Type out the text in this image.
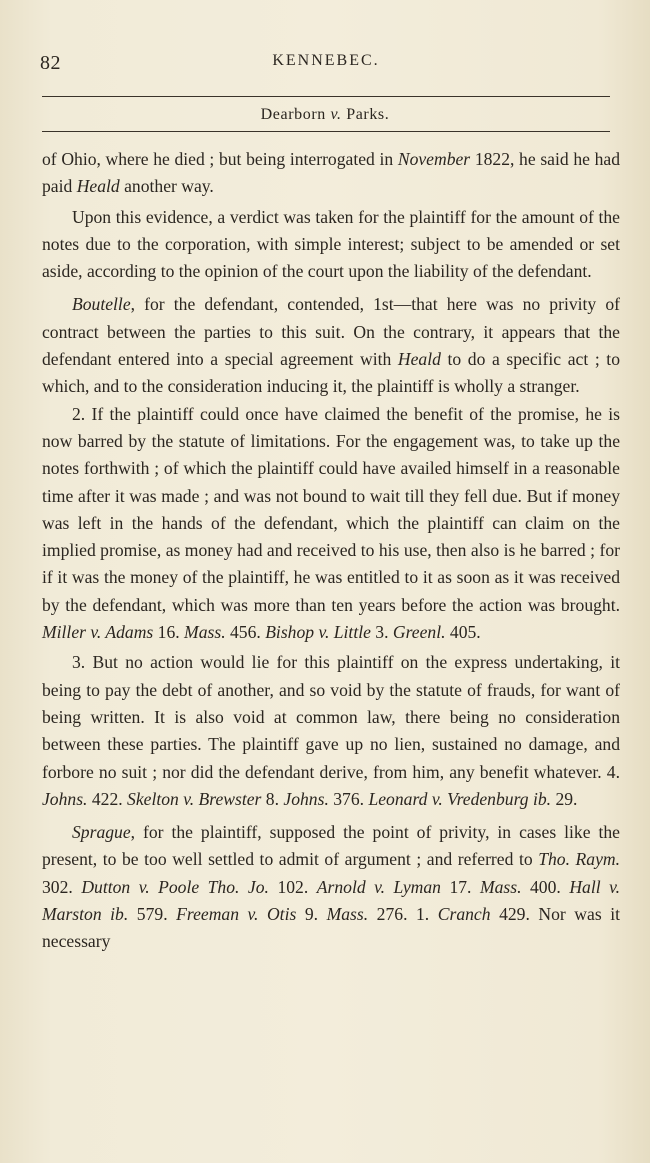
82	KENNEBEC.
Dearborn v. Parks.

of Ohio, where he died ; but being interrogated in November 1822, he said he had paid Heald another way.

Upon this evidence, a verdict was taken for the plaintiff for the amount of the notes due to the corporation, with simple interest; subject to be amended or set aside, according to the opinion of the court upon the liability of the defendant.

Boutelle, for the defendant, contended, 1st—that here was no privity of contract between the parties to this suit. On the contrary, it appears that the defendant entered into a special agreement with Heald to do a specific act ; to which, and to the consideration inducing it, the plaintiff is wholly a stranger.

2. If the plaintiff could once have claimed the benefit of the promise, he is now barred by the statute of limitations. For the engagement was, to take up the notes forthwith ; of which the plaintiff could have availed himself in a reasonable time after it was made ; and was not bound to wait till they fell due. But if money was left in the hands of the defendant, which the plaintiff can claim on the implied promise, as money had and received to his use, then also is he barred ; for if it was the money of the plaintiff, he was entitled to it as soon as it was received by the defendant, which was more than ten years before the action was brought. Miller v. Adams 16. Mass. 456. Bishop v. Little 3. Greenl. 405.

3. But no action would lie for this plaintiff on the express undertaking, it being to pay the debt of another, and so void by the statute of frauds, for want of being written. It is also void at common law, there being no consideration between these parties. The plaintiff gave up no lien, sustained no damage, and forbore no suit ; nor did the defendant derive, from him, any benefit whatever. 4. Johns. 422. Skelton v. Brewster 8. Johns. 376. Leonard v. Vredenburg ib. 29.

Sprague, for the plaintiff, supposed the point of privity, in cases like the present, to be too well settled to admit of argument ; and referred to Tho. Raym. 302. Dutton v. Poole Tho. Jo. 102. Arnold v. Lyman 17. Mass. 400. Hall v. Marston ib. 579. Freeman v. Otis 9. Mass. 276. 1. Cranch 429. Nor was it necessary
